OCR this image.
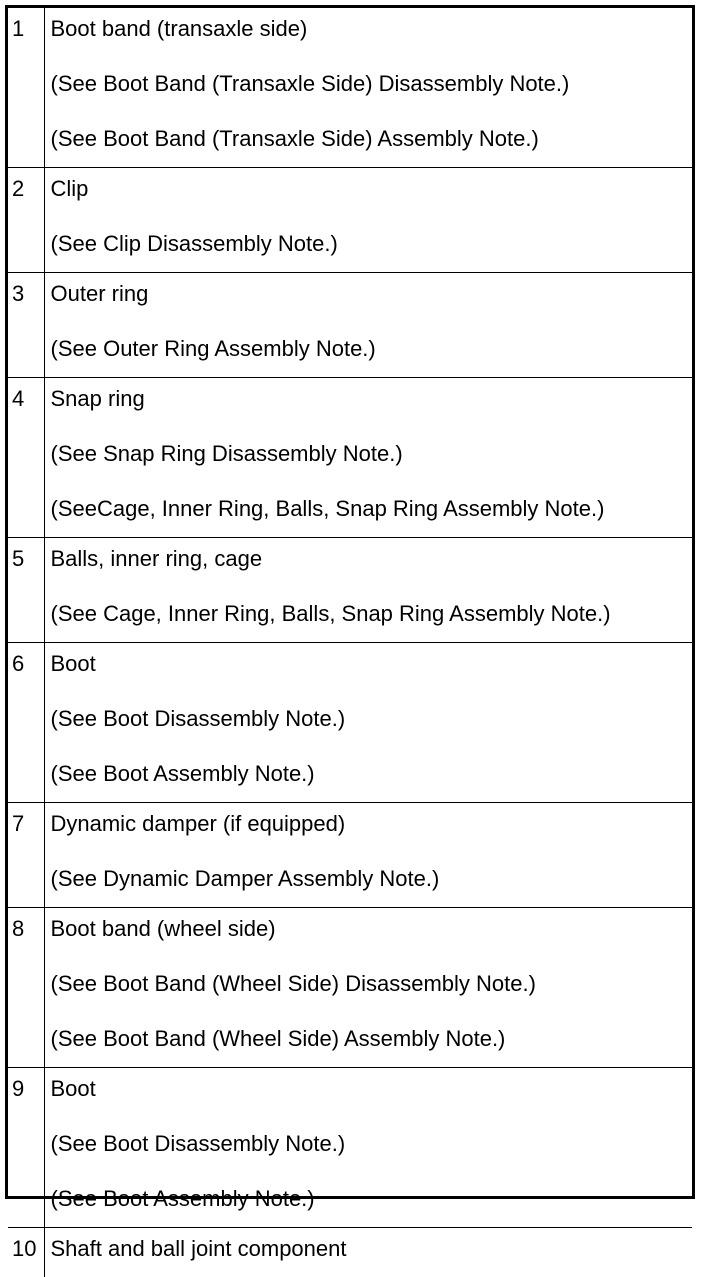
1	Boot band (transaxle side)
(See Boot Band (Transaxle Side) Disassembly Note.)
(See Boot Band (Transaxle Side) Assembly Note.)

2	Clip
(See Clip Disassembly Note.)

3	Outer ring
(See Outer Ring Assembly Note.)

4	Snap ring
(See Snap Ring Disassembly Note.)
(SeeCage, Inner Ring, Balls, Snap Ring Assembly Note.)

5	Balls, inner ring, cage
(See Cage, Inner Ring, Balls, Snap Ring Assembly Note.)

6	Boot
(See Boot Disassembly Note.)
(See Boot Assembly Note.)

7	Dynamic damper (if equipped)
(See Dynamic Damper Assembly Note.)

8	Boot band (wheel side)
(See Boot Band (Wheel Side) Disassembly Note.)
(See Boot Band (Wheel Side) Assembly Note.)

9	Boot
(See Boot Disassembly Note.)
(See Boot Assembly Note.)

10	Shaft and ball joint component
